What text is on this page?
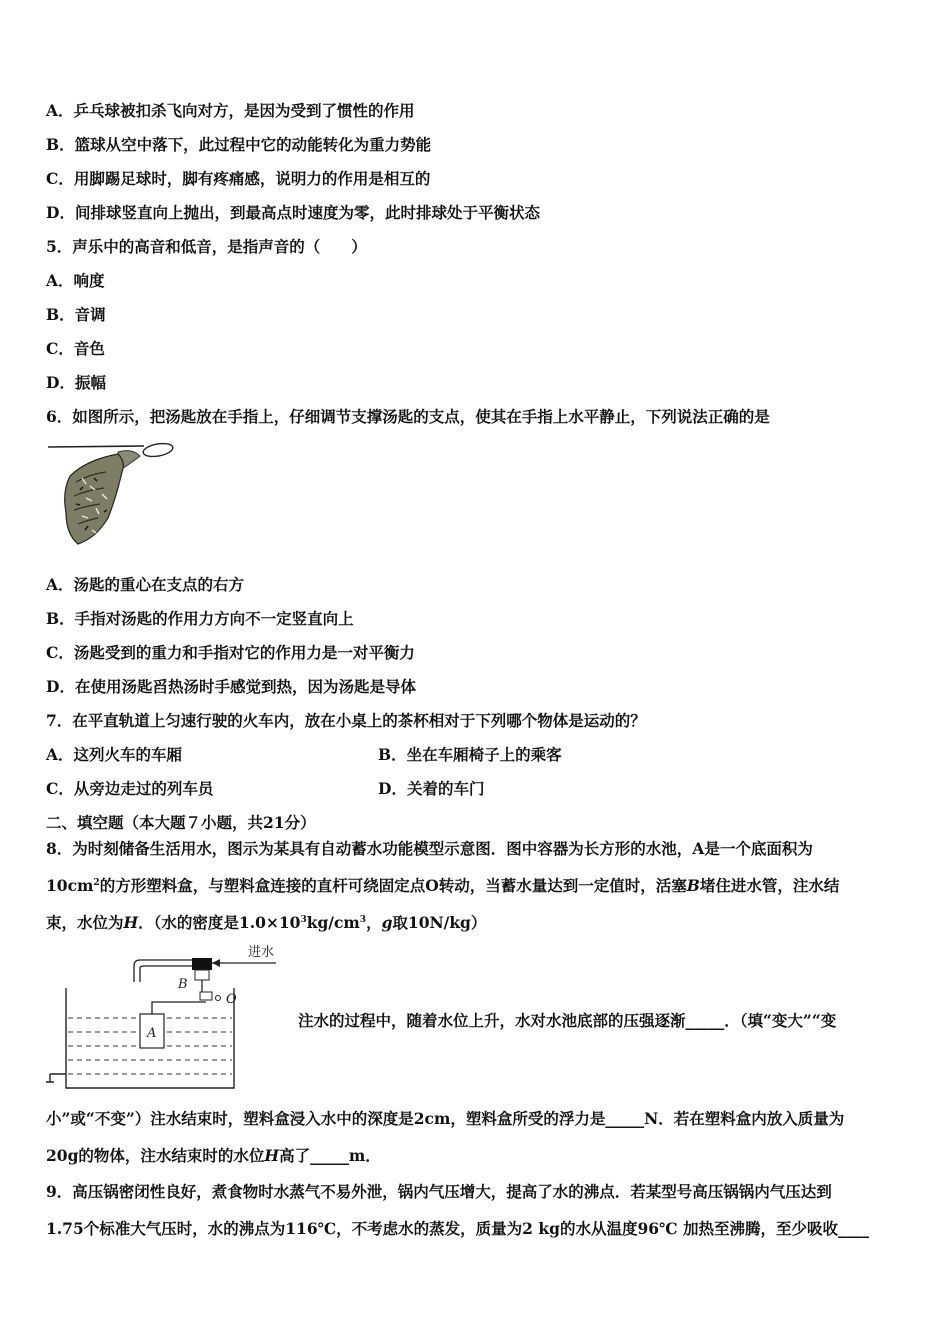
A．乒乓球被扣杀飞向对方，是因为受到了惯性的作用
B．篮球从空中落下，此过程中它的动能转化为重力势能
C．用脚踢足球时，脚有疼痛感，说明力的作用是相互的
D．间排球竖直向上抛出，到最高点时速度为零，此时排球处于平衡状态
5．声乐中的高音和低音，是指声音的（　　）
A．响度
B．音调
C．音色
D．振幅
6．如图所示，把汤匙放在手指上，仔细调节支撑汤匙的支点，使其在手指上水平静止，下列说法正确的是
A．汤匙的重心在支点的右方
B．手指对汤匙的作用力方向不一定竖直向上
C．汤匙受到的重力和手指对它的作用力是一对平衡力
D．在使用汤匙舀热汤时手感觉到热，因为汤匙是导体
7．在平直轨道上匀速行驶的火车内，放在小桌上的茶杯相对于下列哪个物体是运动的？
A．这列火车的车厢	B．坐在车厢椅子上的乘客
C．从旁边走过的列车员	D．关着的车门
二、填空题（本大题７小题，共21分）
8．为时刻储备生活用水，图示为某具有自动蓄水功能模型示意图．图中容器为长方形的水池，A是一个底面积为
$10cm^2$的方形塑料盒，与塑料盒连接的直杆可绕固定点O转动，当蓄水量达到一定值时，活塞B堵住进水管，注水结
束，水位为H．（水的密度是$1.0\times 10^3kg/cm^3$，g取10N/kg）
进水
B
O
A
注水的过程中，随着水位上升，水对水池底部的压强逐渐_____．（填“变大”“变
小”或“不变”）注水结束时，塑料盒浸入水中的深度是2cm，塑料盒所受的浮力是_____N．若在塑料盒内放入质量为
20g的物体，注水结束时的水位H高了_____m．
9．高压锅密闭性良好，煮食物时水蒸气不易外泄，锅内气压增大，提高了水的沸点．若某型号高压锅锅内气压达到
1.75个标准大气压时，水的沸点为116℃，不考虑水的蒸发，质量为2 kg的水从温度96℃ 加热至沸腾，至少吸收____
